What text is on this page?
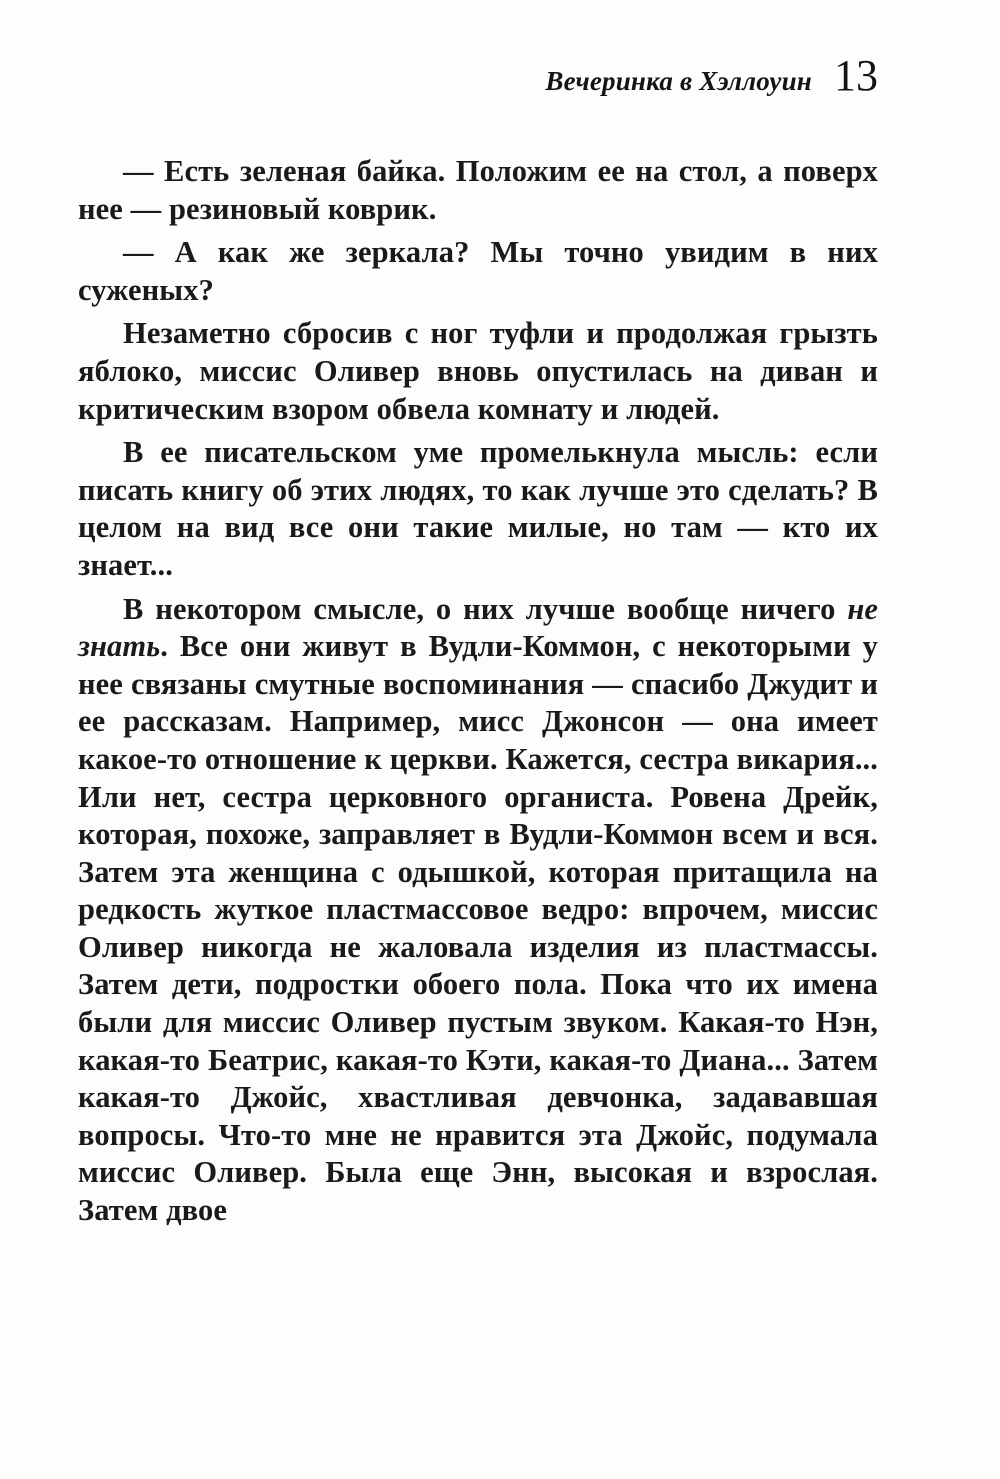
Вечеринка в Хэллоуин 13

— Есть зеленая байка. Положим ее на стол, а поверх нее — резиновый коврик.

— А как же зеркала? Мы точно увидим в них суженых?

Незаметно сбросив с ног туфли и продолжая грызть яблоко, миссис Оливер вновь опустилась на диван и критическим взором обвела комнату и людей.

В ее писательском уме промелькнула мысль: если писать книгу об этих людях, то как лучше это сделать? В целом на вид все они такие милые, но там — кто их знает...

В некотором смысле, о них лучше вообще ничего не знать. Все они живут в Вудли-Коммон, с некоторыми у нее связаны смутные воспоминания — спасибо Джудит и ее рассказам. Например, мисс Джонсон — она имеет какое-то отношение к церкви. Кажется, сестра викария... Или нет, сестра церковного органиста. Ровена Дрейк, которая, похоже, заправляет в Вудли-Коммон всем и вся. Затем эта женщина с одышкой, которая притащила на редкость жуткое пластмассовое ведро: впрочем, миссис Оливер никогда не жаловала изделия из пластмассы. Затем дети, подростки обоего пола. Пока что их имена были для миссис Оливер пустым звуком. Какая-то Нэн, какая-то Беатрис, какая-то Кэти, какая-то Диана... Затем какая-то Джойс, хвастливая девчонка, задававшая вопросы. Что-то мне не нравится эта Джойс, подумала миссис Оливер. Была еще Энн, высокая и взрослая. Затем двое
